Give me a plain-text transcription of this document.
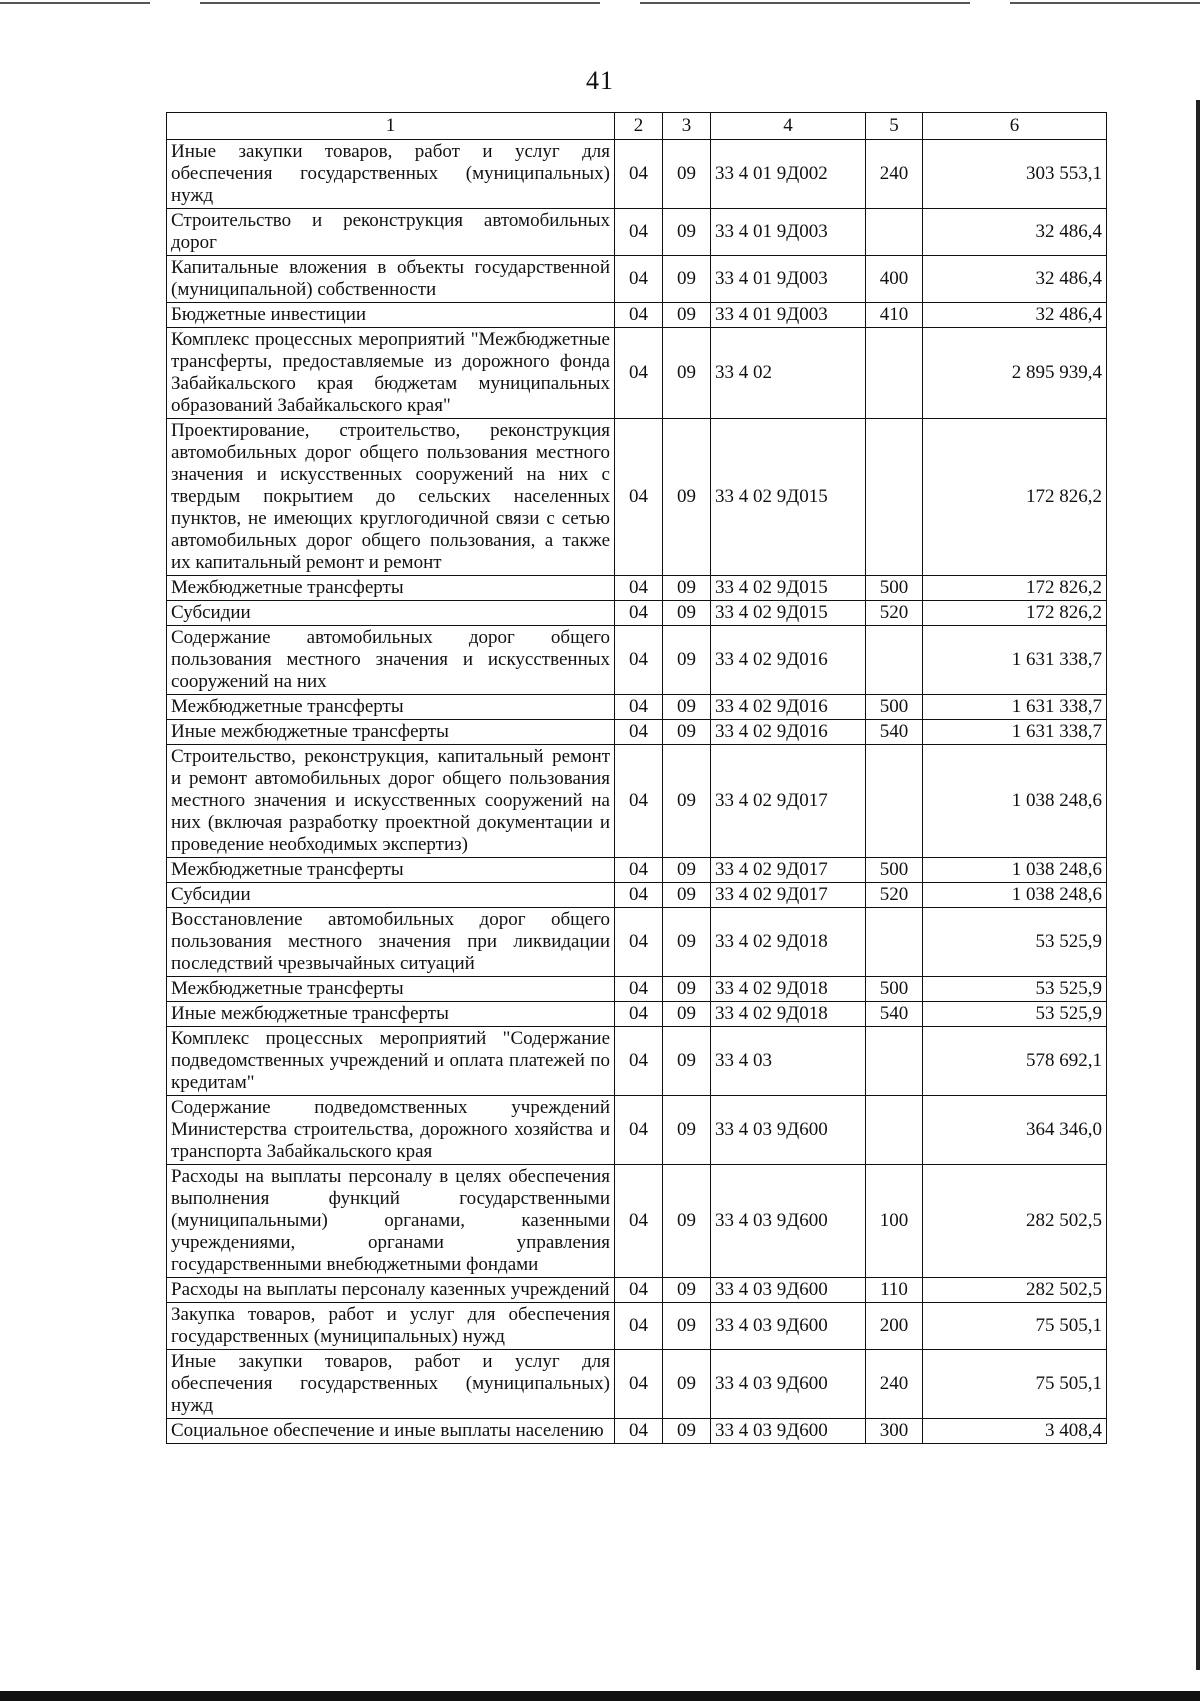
41
1	2	3	4	5	6
Иные закупки товаров, работ и услуг для обеспечения государственных (муниципальных) нужд	04	09	33 4 01 9Д002	240	303 553,1
Строительство и реконструкция автомобильных дорог	04	09	33 4 01 9Д003		32 486,4
Капитальные вложения в объекты государственной (муниципальной) собственности	04	09	33 4 01 9Д003	400	32 486,4
Бюджетные инвестиции	04	09	33 4 01 9Д003	410	32 486,4
Комплекс процессных мероприятий "Межбюджетные трансферты, предоставляемые из дорожного фонда Забайкальского края бюджетам муниципальных образований Забайкальского края"	04	09	33 4 02		2 895 939,4
Проектирование, строительство, реконструкция автомобильных дорог общего пользования местного значения и искусственных сооружений на них с твердым покрытием до сельских населенных пунктов, не имеющих круглогодичной связи с сетью автомобильных дорог общего пользования, а также их капитальный ремонт и ремонт	04	09	33 4 02 9Д015		172 826,2
Межбюджетные трансферты	04	09	33 4 02 9Д015	500	172 826,2
Субсидии	04	09	33 4 02 9Д015	520	172 826,2
Содержание автомобильных дорог общего пользования местного значения и искусственных сооружений на них	04	09	33 4 02 9Д016		1 631 338,7
Межбюджетные трансферты	04	09	33 4 02 9Д016	500	1 631 338,7
Иные межбюджетные трансферты	04	09	33 4 02 9Д016	540	1 631 338,7
Строительство, реконструкция, капитальный ремонт и ремонт автомобильных дорог общего пользования местного значения и искусственных сооружений на них (включая разработку проектной документации и проведение необходимых экспертиз)	04	09	33 4 02 9Д017		1 038 248,6
Межбюджетные трансферты	04	09	33 4 02 9Д017	500	1 038 248,6
Субсидии	04	09	33 4 02 9Д017	520	1 038 248,6
Восстановление автомобильных дорог общего пользования местного значения при ликвидации последствий чрезвычайных ситуаций	04	09	33 4 02 9Д018		53 525,9
Межбюджетные трансферты	04	09	33 4 02 9Д018	500	53 525,9
Иные межбюджетные трансферты	04	09	33 4 02 9Д018	540	53 525,9
Комплекс процессных мероприятий "Содержание подведомственных учреждений и оплата платежей по кредитам"	04	09	33 4 03		578 692,1
Содержание подведомственных учреждений Министерства строительства, дорожного хозяйства и транспорта Забайкальского края	04	09	33 4 03 9Д600		364 346,0
Расходы на выплаты персоналу в целях обеспечения выполнения функций государственными (муниципальными) органами, казенными учреждениями, органами управления государственными внебюджетными фондами	04	09	33 4 03 9Д600	100	282 502,5
Расходы на выплаты персоналу казенных учреждений	04	09	33 4 03 9Д600	110	282 502,5
Закупка товаров, работ и услуг для обеспечения государственных (муниципальных) нужд	04	09	33 4 03 9Д600	200	75 505,1
Иные закупки товаров, работ и услуг для обеспечения государственных (муниципальных) нужд	04	09	33 4 03 9Д600	240	75 505,1
Социальное обеспечение и иные выплаты населению	04	09	33 4 03 9Д600	300	3 408,4
